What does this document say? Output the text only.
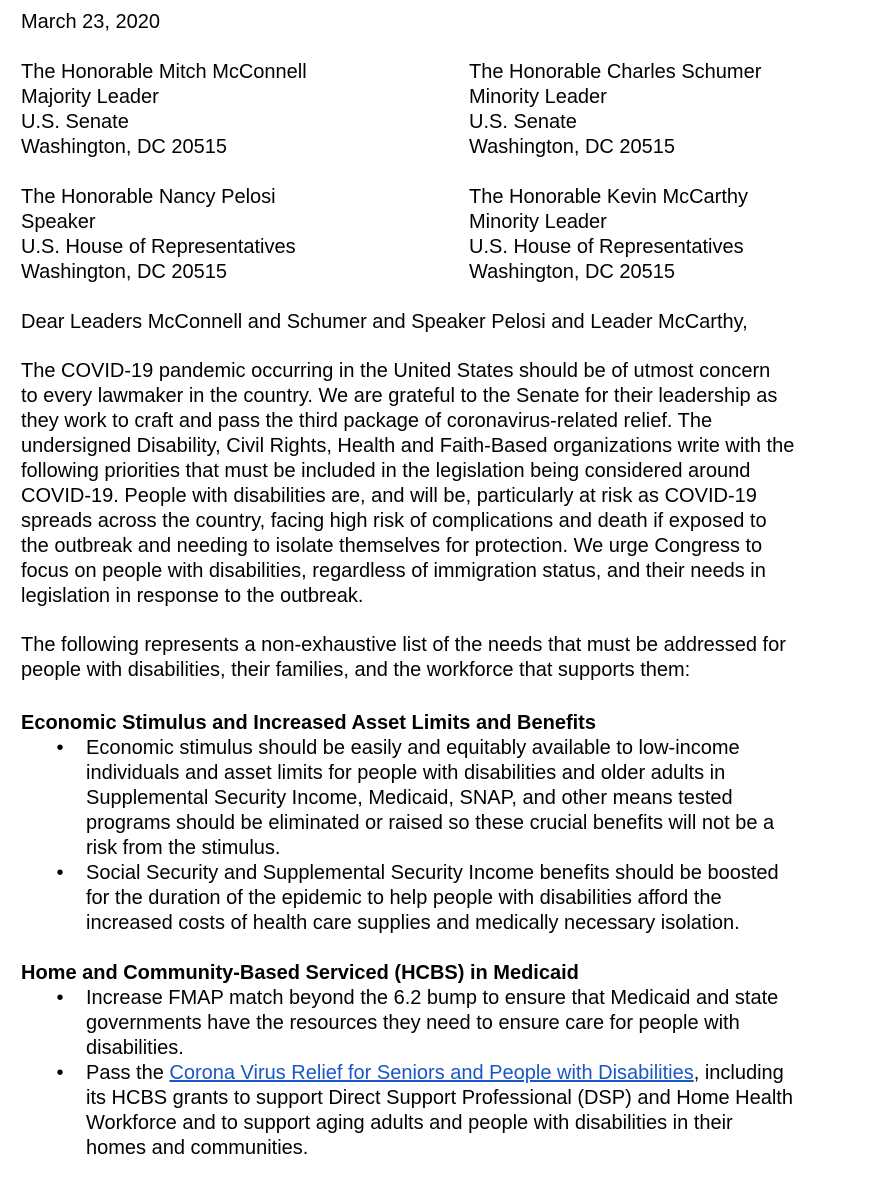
March 23, 2020
The Honorable Mitch McConnell
Majority Leader
U.S. Senate
Washington, DC 20515
The Honorable Charles Schumer
Minority Leader
U.S. Senate
Washington, DC 20515
The Honorable Nancy Pelosi
Speaker
U.S. House of Representatives
Washington, DC 20515
The Honorable Kevin McCarthy
Minority Leader
U.S. House of Representatives
Washington, DC 20515
Dear Leaders McConnell and Schumer and Speaker Pelosi and Leader McCarthy,
The COVID-19 pandemic occurring in the United States should be of utmost concern
to every lawmaker in the country. We are grateful to the Senate for their leadership as
they work to craft and pass the third package of coronavirus-related relief. The
undersigned Disability, Civil Rights, Health and Faith-Based organizations write with the
following priorities that must be included in the legislation being considered around
COVID-19. People with disabilities are, and will be, particularly at risk as COVID-19
spreads across the country, facing high risk of complications and death if exposed to
the outbreak and needing to isolate themselves for protection. We urge Congress to
focus on people with disabilities, regardless of immigration status, and their needs in
legislation in response to the outbreak.
The following represents a non-exhaustive list of the needs that must be addressed for
people with disabilities, their families, and the workforce that supports them:
Economic Stimulus and Increased Asset Limits and Benefits
•	Economic stimulus should be easily and equitably available to low-income
individuals and asset limits for people with disabilities and older adults in
Supplemental Security Income, Medicaid, SNAP, and other means tested
programs should be eliminated or raised so these crucial benefits will not be a
risk from the stimulus.
•	Social Security and Supplemental Security Income benefits should be boosted
for the duration of the epidemic to help people with disabilities afford the
increased costs of health care supplies and medically necessary isolation.
Home and Community-Based Serviced (HCBS) in Medicaid
•	Increase FMAP match beyond the 6.2 bump to ensure that Medicaid and state
governments have the resources they need to ensure care for people with
disabilities.
•	Pass the Corona Virus Relief for Seniors and People with Disabilities, including
its HCBS grants to support Direct Support Professional (DSP) and Home Health
Workforce and to support aging adults and people with disabilities in their
homes and communities.
